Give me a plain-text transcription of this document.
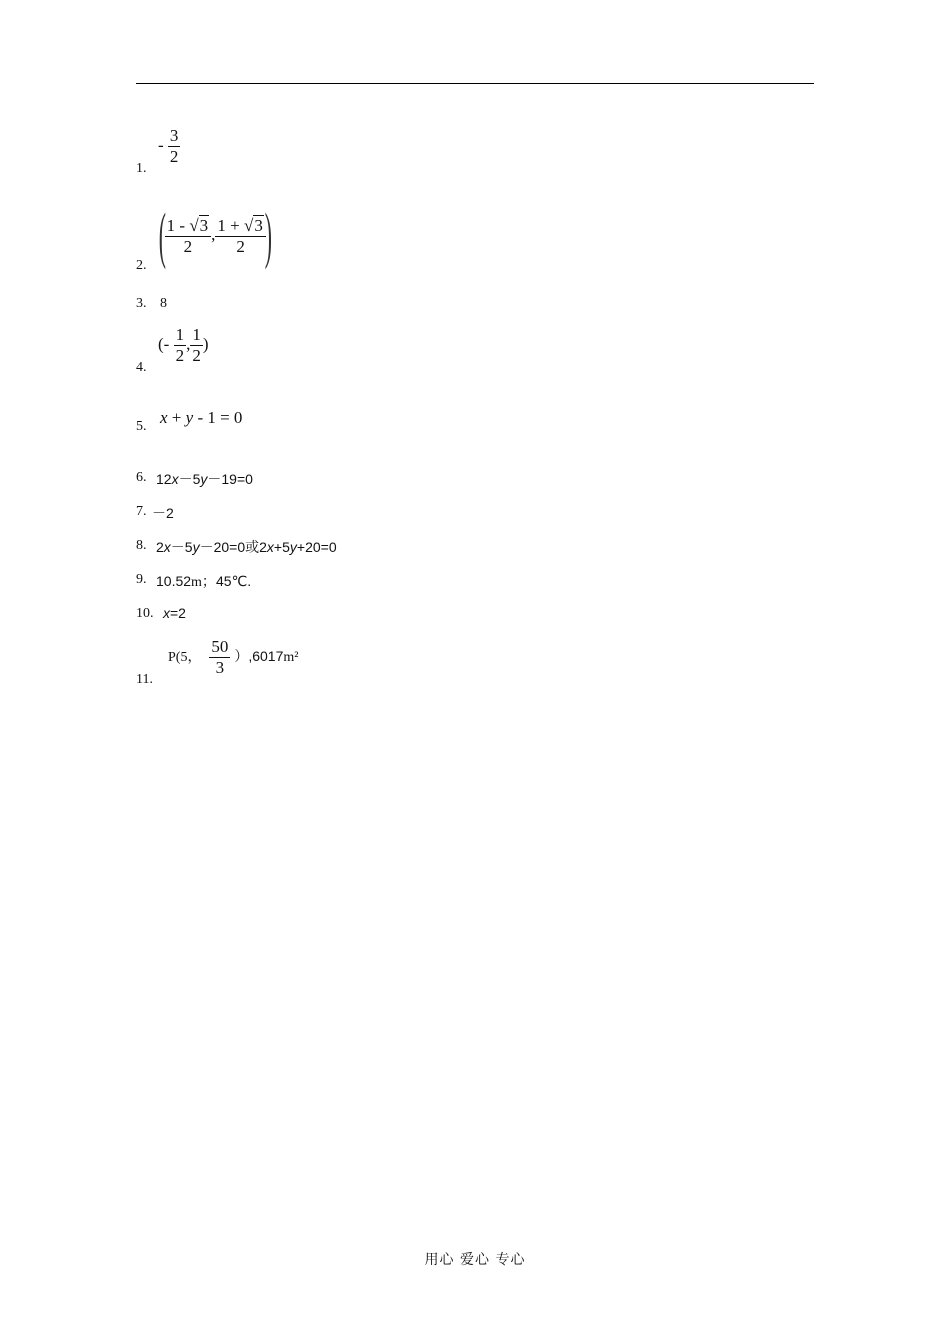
1.
- $\frac{3}{2}$
2. (
$\frac{1 - √3}{2}$ , $\frac{1 + √3}{2}$
)
3. 8
4.
(- $\frac{1}{2}$ , $\frac{1}{2}$ )
5. x + y - 1 = 0
6. 12x－5y－19=0
7. －2
8. 2x－5y－20=0或2x+5y+20=0
9. 10.52m；45℃.
10. x=2
11.
P(5， $\frac{50}{3} ),6017m^2$
用心 爱心 专心
